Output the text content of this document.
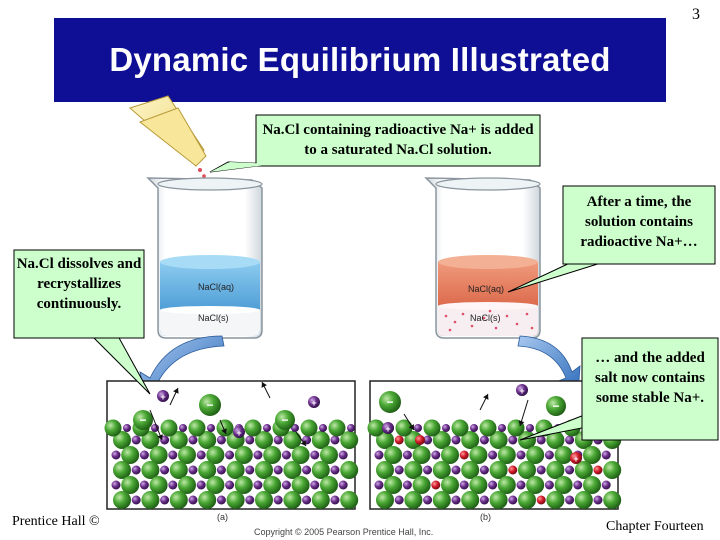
3
Dynamic Equilibrium Illustrated
−
+
−
+
−
+	−
+
+
−
+
NaCl(aq)
NaCl(s)
NaCl(aq)
NaCl(s)
Na.Cl containing radioactive Na+ is added to a saturated Na.Cl solution.
Na.Cl dissolves and recrystallizes continuously.
After a time, the solution contains radioactive Na+…
… and the added salt now contains some stable Na+.
(a)	(b)
Prentice Hall ©
Copyright © 2005 Pearson Prentice Hall, Inc.	Chapter Fourteen
